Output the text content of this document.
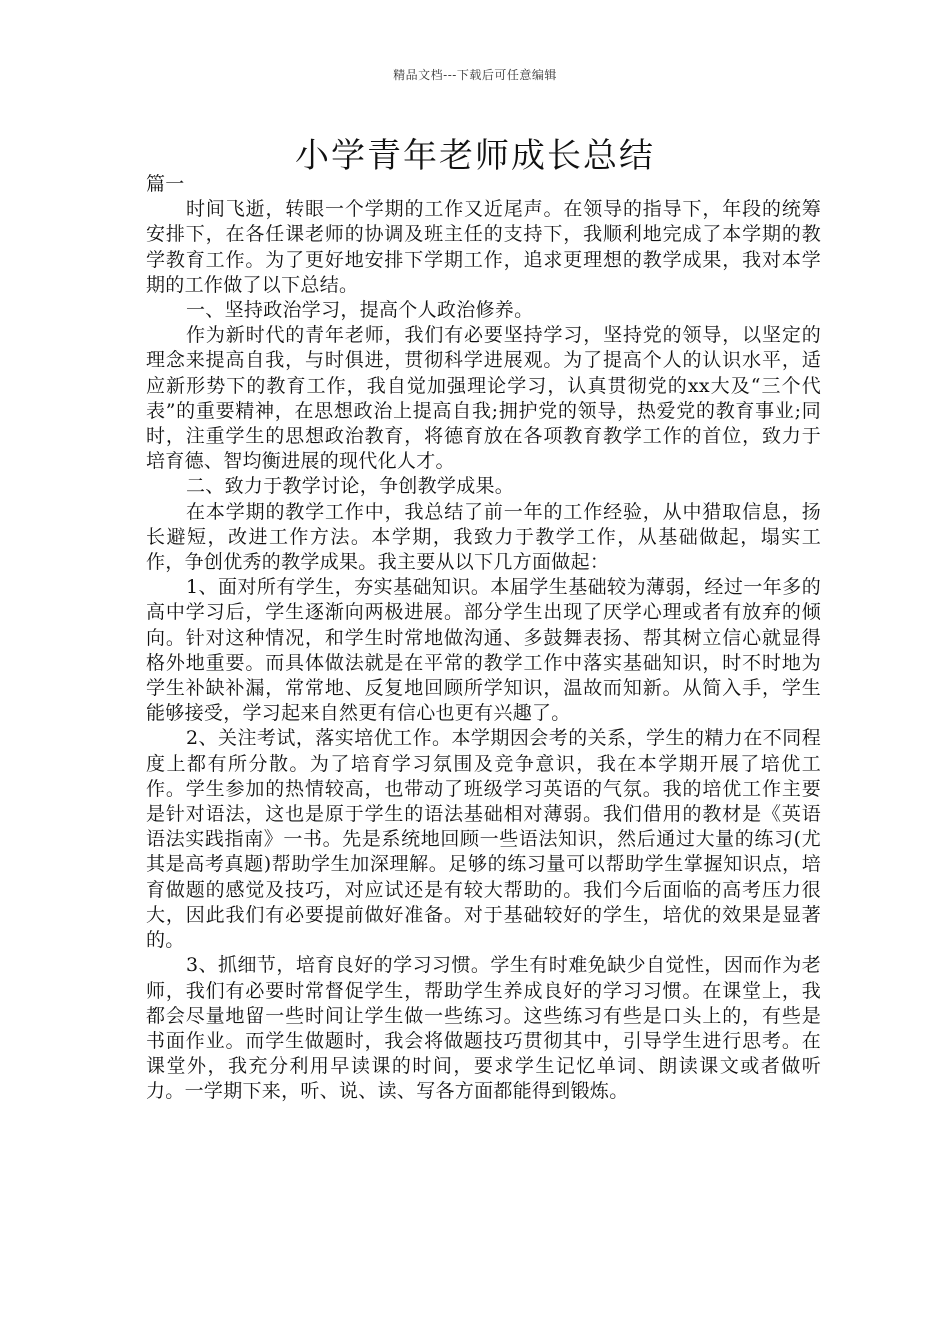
精品文档---下载后可任意编辑
小学青年老师成长总结

篇一

时间飞逝，转眼一个学期的工作又近尾声。在领导的指导下，年段的统筹安排下，在各任课老师的协调及班主任的支持下，我顺利地完成了本学期的教学教育工作。为了更好地安排下学期工作，追求更理想的教学成果，我对本学期的工作做了以下总结。

一、坚持政治学习，提高个人政治修养。

作为新时代的青年老师，我们有必要坚持学习，坚持党的领导，以坚定的理念来提高自我，与时俱进，贯彻科学进展观。为了提高个人的认识水平，适应新形势下的教育工作，我自觉加强理论学习，认真贯彻党的xx大及“三个代表”的重要精神，在思想政治上提高自我;拥护党的领导，热爱党的教育事业;同时，注重学生的思想政治教育，将德育放在各项教育教学工作的首位，致力于培育德、智均衡进展的现代化人才。

二、致力于教学讨论，争创教学成果。

在本学期的教学工作中，我总结了前一年的工作经验，从中猎取信息，扬长避短，改进工作方法。本学期，我致力于教学工作，从基础做起，塌实工作，争创优秀的教学成果。我主要从以下几方面做起：

1、面对所有学生，夯实基础知识。本届学生基础较为薄弱，经过一年多的高中学习后，学生逐渐向两极进展。部分学生出现了厌学心理或者有放弃的倾向。针对这种情况，和学生时常地做沟通、多鼓舞表扬、帮其树立信心就显得格外地重要。而具体做法就是在平常的教学工作中落实基础知识，时不时地为学生补缺补漏，常常地、反复地回顾所学知识，温故而知新。从简入手，学生能够接受，学习起来自然更有信心也更有兴趣了。

2、关注考试，落实培优工作。本学期因会考的关系，学生的精力在不同程度上都有所分散。为了培育学习氛围及竞争意识，我在本学期开展了培优工作。学生参加的热情较高，也带动了班级学习英语的气氛。我的培优工作主要是针对语法，这也是原于学生的语法基础相对薄弱。我们借用的教材是《英语语法实践指南》一书。先是系统地回顾一些语法知识，然后通过大量的练习(尤其是高考真题)帮助学生加深理解。足够的练习量可以帮助学生掌握知识点，培育做题的感觉及技巧，对应试还是有较大帮助的。我们今后面临的高考压力很大，因此我们有必要提前做好准备。对于基础较好的学生，培优的效果是显著的。

3、抓细节，培育良好的学习习惯。学生有时难免缺少自觉性，因而作为老师，我们有必要时常督促学生，帮助学生养成良好的学习习惯。在课堂上，我都会尽量地留一些时间让学生做一些练习。这些练习有些是口头上的，有些是书面作业。而学生做题时，我会将做题技巧贯彻其中，引导学生进行思考。在课堂外，我充分利用早读课的时间，要求学生记忆单词、朗读课文或者做听力。一学期下来，听、说、读、写各方面都能得到锻炼。
